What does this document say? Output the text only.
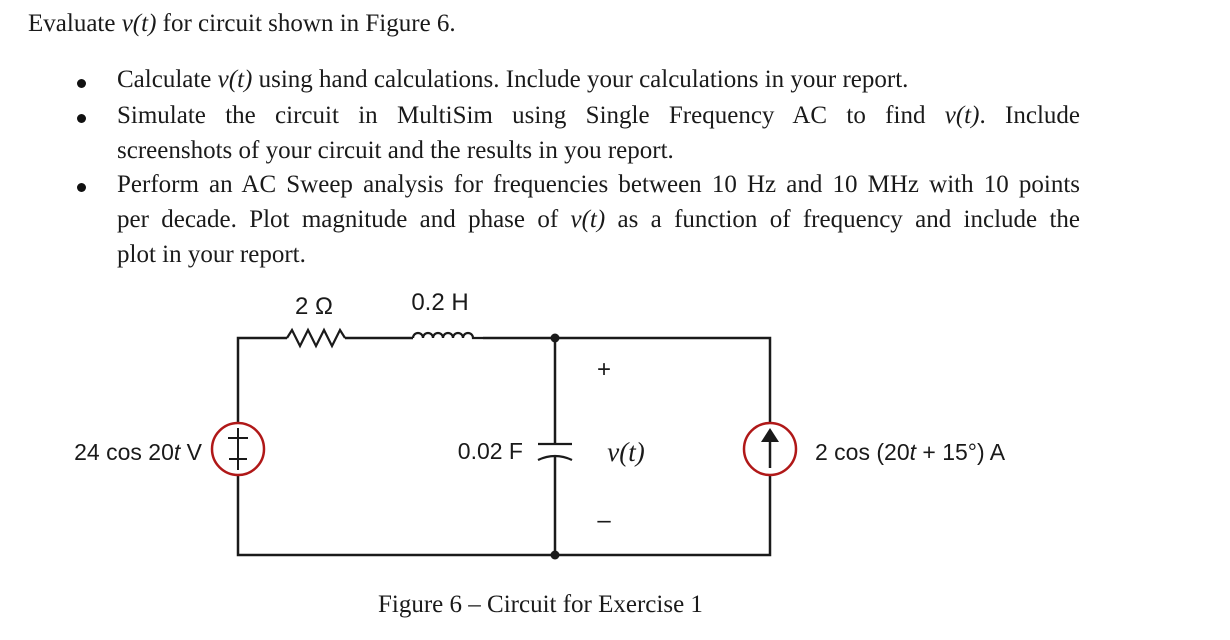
Evaluate v(t) for circuit shown in Figure 6.
Calculate v(t) using hand calculations. Include your calculations in your report.
Simulate the circuit in MultiSim using Single Frequency AC to find v(t). Include
screenshots of your circuit and the results in you report.
Perform an AC Sweep analysis for frequencies between 10 Hz and 10 MHz with 10 points
per decade. Plot magnitude and phase of v(t) as a function of frequency and include the
plot in your report.
2 Ω	0.2 H
0.02 F
+
–
v(t)
24 cos 20t V	2 cos (20t + 15°) A
Figure 6 – Circuit for Exercise 1
